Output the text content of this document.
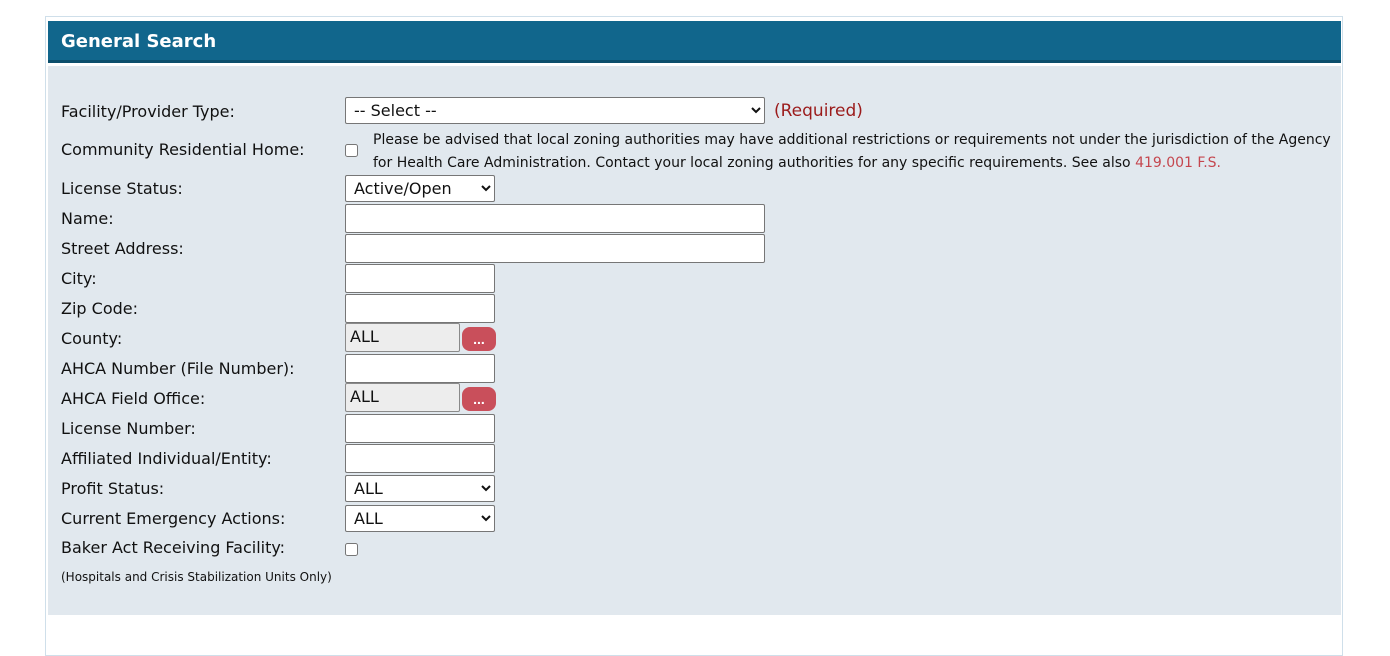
General Search
Facility/Provider Type:
-- Select --	(Required)
Community Residential Home:	Please be advised that local zoning authorities may have additional restrictions or requirements not under the jurisdiction of the Agency for Health Care Administration. Contact your local zoning authorities for any specific requirements. See also 419.001 F.S.
License Status:
Active/Open
Name:
Street Address:
City:
Zip Code:
County:	ALL	...
AHCA Number (File Number):
AHCA Field Office:	ALL	...
License Number:
Affiliated Individual/Entity:
Profit Status:
ALL
Current Emergency Actions:
ALL
Baker Act Receiving Facility:
(Hospitals and Crisis Stabilization Units Only)
